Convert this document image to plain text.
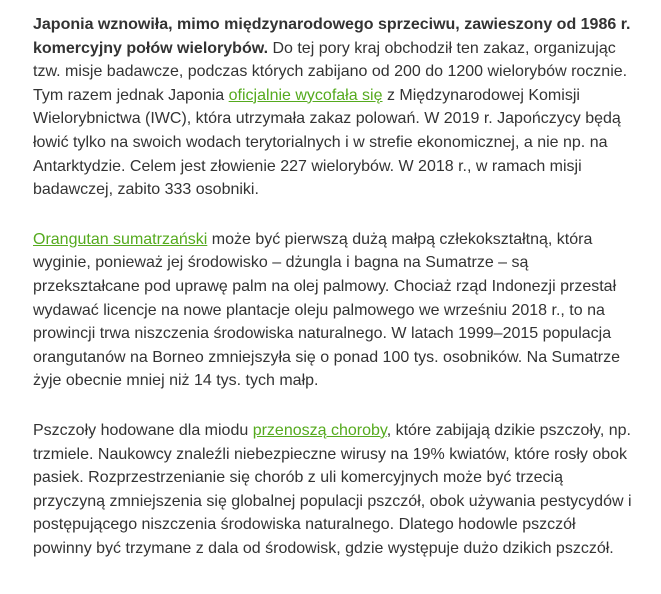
Japonia wznowiła, mimo międzynarodowego sprzeciwu, zawieszony od 1986 r. komercyjny połów wielorybów. Do tej pory kraj obchodził ten zakaz, organizując tzw. misje badawcze, podczas których zabijano od 200 do 1200 wielorybów rocznie. Tym razem jednak Japonia oficjalnie wycofała się z Międzynarodowej Komisji Wielorybnictwa (IWC), która utrzymała zakaz polowań. W 2019 r. Japończycy będą łowić tylko na swoich wodach terytorialnych i w strefie ekonomicznej, a nie np. na Antarktydzie. Celem jest złowienie 227 wielorybów. W 2018 r., w ramach misji badawczej, zabito 333 osobniki.

Orangutan sumatrzański może być pierwszą dużą małpą człekokształtną, która wyginie, ponieważ jej środowisko – dżungla i bagna na Sumatrze – są przekształcane pod uprawę palm na olej palmowy. Chociaż rząd Indonezji przestał wydawać licencje na nowe plantacje oleju palmowego we wrześniu 2018 r., to na prowincji trwa niszczenia środowiska naturalnego. W latach 1999–2015 populacja orangutanów na Borneo zmniejszyła się o ponad 100 tys. osobników. Na Sumatrze żyje obecnie mniej niż 14 tys. tych małp.

Pszczoły hodowane dla miodu przenoszą choroby, które zabijają dzikie pszczoły, np. trzmiele. Naukowcy znaleźli niebezpieczne wirusy na 19% kwiatów, które rosły obok pasiek. Rozprzestrzenianie się chorób z uli komercyjnych może być trzecią przyczyną zmniejszenia się globalnej populacji pszczół, obok używania pestycydów i postępującego niszczenia środowiska naturalnego. Dlatego hodowle pszczół powinny być trzymane z dala od środowisk, gdzie występuje dużo dzikich pszczół.
